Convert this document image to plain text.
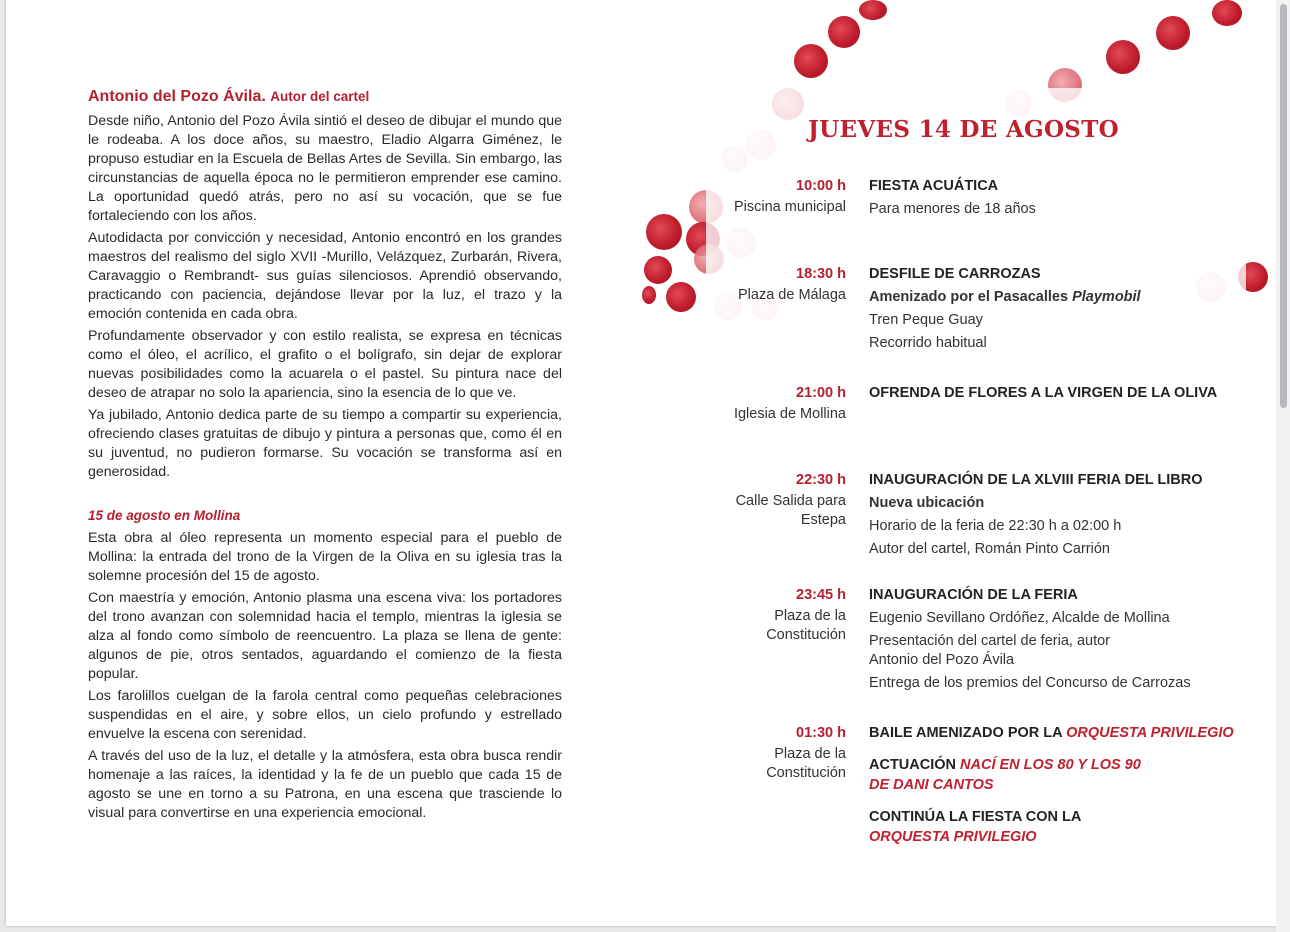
Antonio del Pozo Ávila. Autor del cartel

Desde niño, Antonio del Pozo Ávila sintió el deseo de dibujar el mundo que le rodeaba. A los doce años, su maestro, Eladio Algarra Giménez, le propuso estudiar en la Escuela de Bellas Artes de Sevilla. Sin embargo, las circunstancias de aquella época no le permitieron emprender ese camino. La oportunidad quedó atrás, pero no así su vocación, que se fue fortaleciendo con los años.

Autodidacta por convicción y necesidad, Antonio encontró en los grandes maestros del realismo del siglo XVII -Murillo, Velázquez, Zurbarán, Rivera, Caravaggio o Rembrandt- sus guías silenciosos. Aprendió observando, practicando con paciencia, dejándose llevar por la luz, el trazo y la emoción contenida en cada obra.

Profundamente observador y con estilo realista, se expresa en técnicas como el óleo, el acrílico, el grafito o el bolígrafo, sin dejar de explorar nuevas posibilidades como la acuarela o el pastel. Su pintura nace del deseo de atrapar no solo la apariencia, sino la esencia de lo que ve.

Ya jubilado, Antonio dedica parte de su tiempo a compartir su experiencia, ofreciendo clases gratuitas de dibujo y pintura a personas que, como él en su juventud, no pudieron formarse. Su vocación se transforma así en generosidad.

15 de agosto en Mollina

Esta obra al óleo representa un momento especial para el pueblo de Mollina: la entrada del trono de la Virgen de la Oliva en su iglesia tras la solemne procesión del 15 de agosto.

Con maestría y emoción, Antonio plasma una escena viva: los portadores del trono avanzan con solemnidad hacia el templo, mientras la iglesia se alza al fondo como símbolo de reencuentro. La plaza se llena de gente: algunos de pie, otros sentados, aguardando el comienzo de la fiesta popular.

Los farolillos cuelgan de la farola central como pequeñas celebraciones suspendidas en el aire, y sobre ellos, un cielo profundo y estrellado envuelve la escena con serenidad.

A través del uso de la luz, el detalle y la atmósfera, esta obra busca rendir homenaje a las raíces, la identidad y la fe de un pueblo que cada 15 de agosto se une en torno a su Patrona, en una escena que trasciende lo visual para convertirse en una experiencia emocional.

JUEVES 14 DE AGOSTO
10:00 h
Piscina municipal
FIESTA ACUÁTICA
Para menores de 18 años
18:30 h
Plaza de Málaga
DESFILE DE CARROZAS
Amenizado por el Pasacalles Playmobil
Tren Peque Guay
Recorrido habitual
21:00 h
Iglesia de Mollina
OFRENDA DE FLORES A LA VIRGEN DE LA OLIVA
22:30 h
Calle Salida para Estepa
INAUGURACIÓN DE LA XLVIII FERIA DEL LIBRO
Nueva ubicación
Horario de la feria de 22:30 h a 02:00 h
Autor del cartel, Román Pinto Carrión
23:45 h
Plaza de la Constitución
INAUGURACIÓN DE LA FERIA
Eugenio Sevillano Ordóñez, Alcalde de Mollina
Presentación del cartel de feria, autor Antonio del Pozo Ávila
Entrega de los premios del Concurso de Carrozas
01:30 h
Plaza de la Constitución
BAILE AMENIZADO POR LA ORQUESTA PRIVILEGIO
ACTUACIÓN NACÍ EN LOS 80 Y LOS 90 DE DANI CANTOS
CONTINÚA LA FIESTA CON LA
ORQUESTA PRIVILEGIO
